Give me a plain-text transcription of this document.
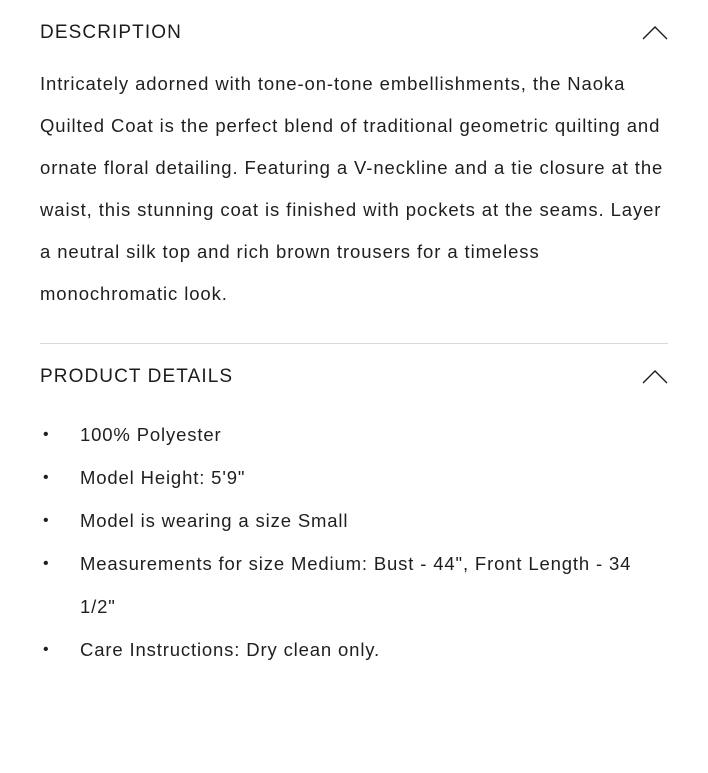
DESCRIPTION

Intricately adorned with tone-on-tone embellishments, the Naoka Quilted Coat is the perfect blend of traditional geometric quilting and ornate floral detailing. Featuring a V-neckline and a tie closure at the waist, this stunning coat is finished with pockets at the seams. Layer a neutral silk top and rich brown trousers for a timeless monochromatic look.

PRODUCT DETAILS
• 100% Polyester
• Model Height: 5'9"
• Model is wearing a size Small
• Measurements for size Medium: Bust - 44", Front Length - 34 1/2"
• Care Instructions: Dry clean only.
